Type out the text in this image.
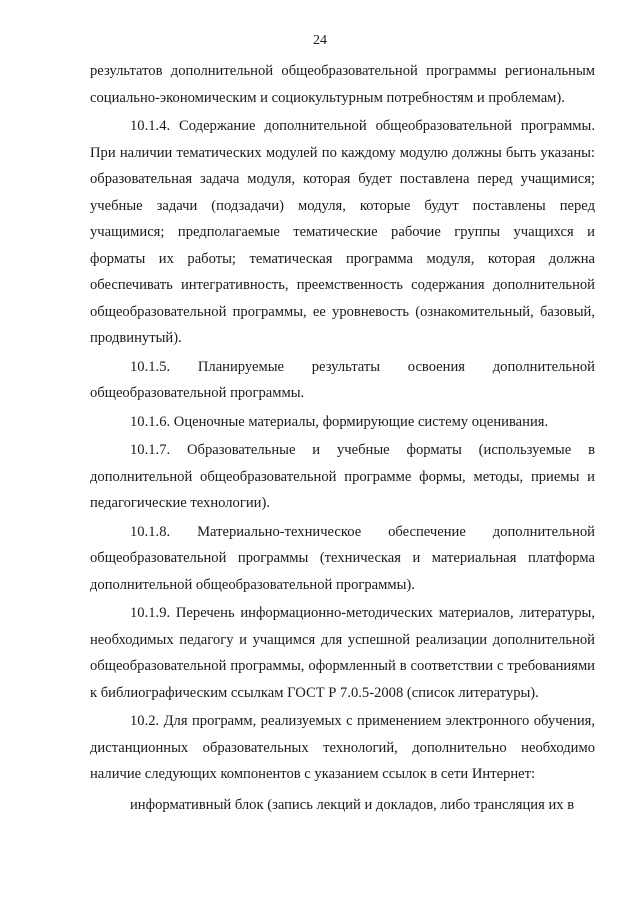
24

результатов дополнительной общеобразовательной программы региональным социально-экономическим и социокультурным потребностям и проблемам).

10.1.4. Содержание дополнительной общеобразовательной программы. При наличии тематических модулей по каждому модулю должны быть указаны: образовательная задача модуля, которая будет поставлена перед учащимися; учебные задачи (подзадачи) модуля, которые будут поставлены перед учащимися; предполагаемые тематические рабочие группы учащихся и форматы их работы; тематическая программа модуля, которая должна обеспечивать интегративность, преемственность содержания дополнительной общеобразовательной программы, ее уровневость (ознакомительный, базовый, продвинутый).

10.1.5. Планируемые результаты освоения дополнительной общеобразовательной программы.

10.1.6. Оценочные материалы, формирующие систему оценивания.

10.1.7. Образовательные и учебные форматы (используемые в дополнительной общеобразовательной программе формы, методы, приемы и педагогические технологии).

10.1.8. Материально-техническое обеспечение дополнительной общеобразовательной программы (техническая и материальная платформа дополнительной общеобразовательной программы).

10.1.9. Перечень информационно-методических материалов, литературы, необходимых педагогу и учащимся для успешной реализации дополнительной общеобразовательной программы, оформленный в соответствии с требованиями к библиографическим ссылкам ГОСТ Р 7.0.5-2008 (список литературы).

10.2. Для программ, реализуемых с применением электронного обучения, дистанционных образовательных технологий, дополнительно необходимо наличие следующих компонентов с указанием ссылок в сети Интернет:

информативный блок (запись лекций и докладов, либо трансляция их в
